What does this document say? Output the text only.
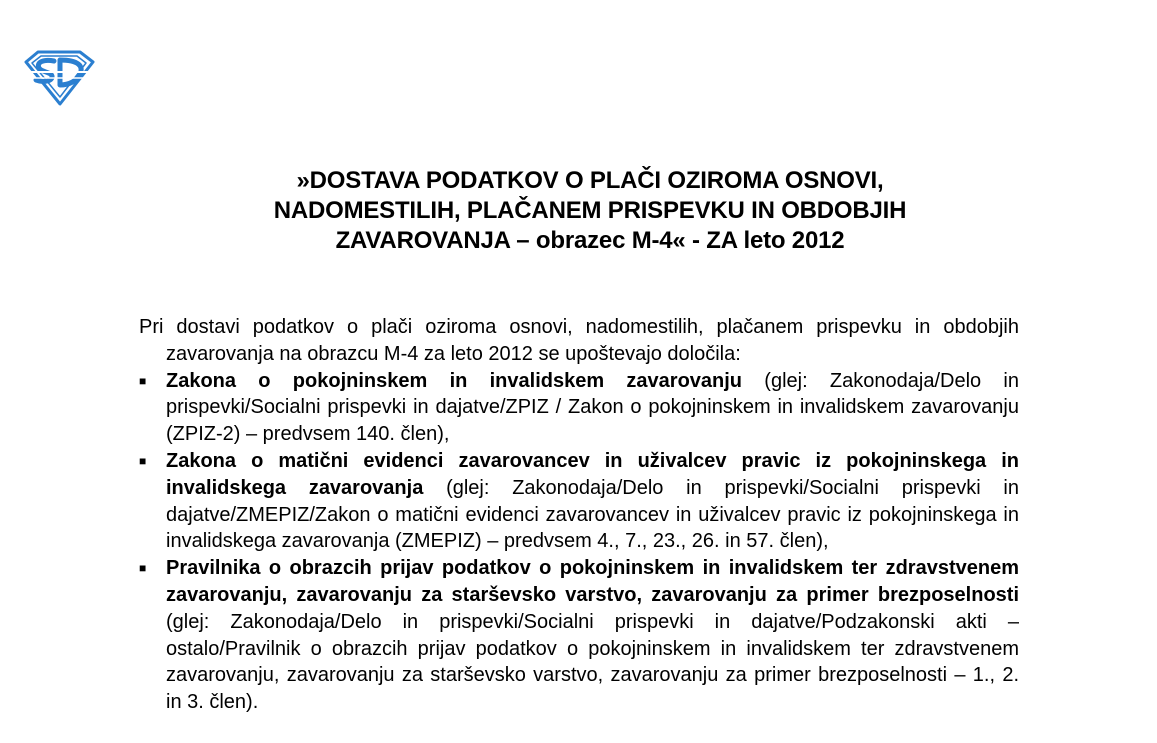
»DOSTAVA PODATKOV O PLAČI OZIROMA OSNOVI,
NADOMESTILIH, PLAČANEM PRISPEVKU IN OBDOBJIH
ZAVAROVANJA – obrazec M-4« - ZA leto 2012

Pri dostavi podatkov o plači oziroma osnovi, nadomestilih, plačanem prispevku in obdobjih zavarovanja na obrazcu M-4 za leto 2012 se upoštevajo določila:

■ Zakona o pokojninskem in invalidskem zavarovanju (glej: Zakonodaja/Delo in prispevki/Socialni prispevki in dajatve/ZPIZ / Zakon o pokojninskem in invalidskem zavarovanju (ZPIZ-2) – predvsem 140. člen),
■ Zakona o matični evidenci zavarovancev in uživalcev pravic iz pokojninskega in invalidskega zavarovanja (glej: Zakonodaja/Delo in prispevki/Socialni prispevki in dajatve/ZMEPIZ/Zakon o matični evidenci zavarovancev in uživalcev pravic iz pokojninskega in invalidskega zavarovanja (ZMEPIZ) – predvsem 4., 7., 23., 26. in 57. člen),
■ Pravilnika o obrazcih prijav podatkov o pokojninskem in invalidskem ter zdravstvenem zavarovanju, zavarovanju za starševsko varstvo, zavarovanju za primer brezposelnosti (glej: Zakonodaja/Delo in prispevki/Socialni prispevki in dajatve/Podzakonski akti – ostalo/Pravilnik o obrazcih prijav podatkov o pokojninskem in invalidskem ter zdravstvenem zavarovanju, zavarovanju za starševsko varstvo, zavarovanju za primer brezposelnosti – 1., 2. in 3. člen).
